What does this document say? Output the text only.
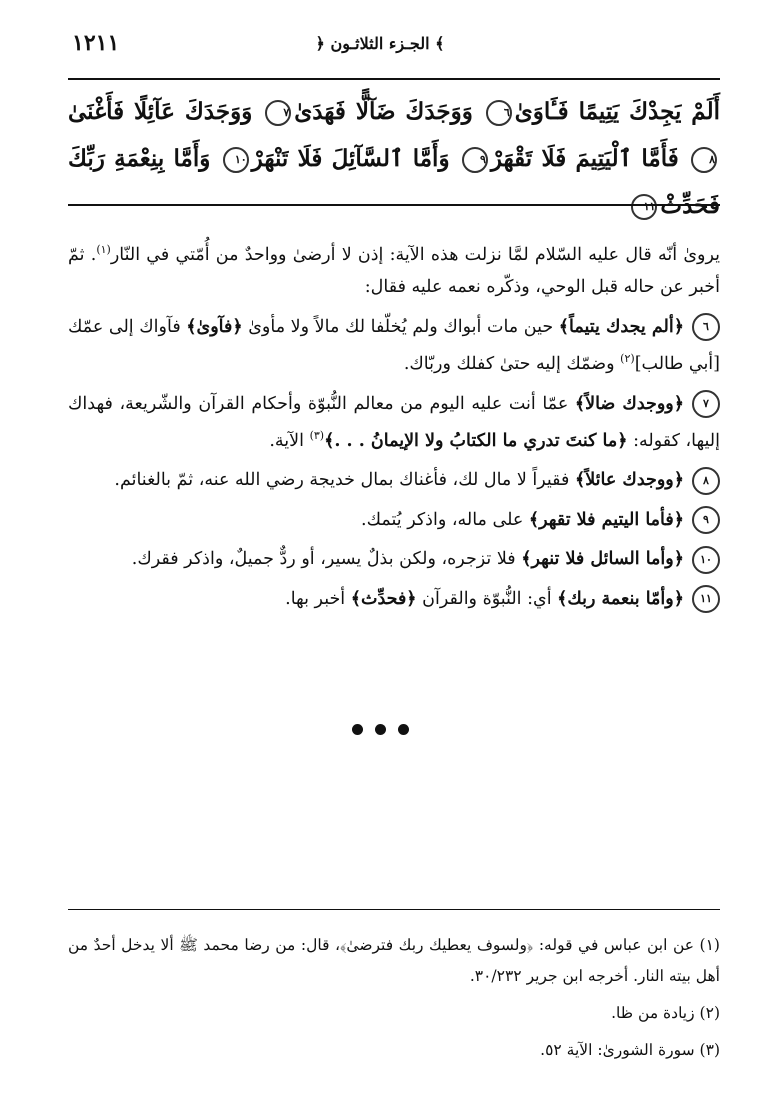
١٢١١	﴿ الجـزء الثلاثـون ﴾
أَلَمْ يَجِدْكَ يَتِيمًا فَـَٔاوَىٰ٦ وَوَجَدَكَ ضَآلًّا فَهَدَىٰ٧ وَوَجَدَكَ عَآئِلًا فَأَغْنَىٰ٨ فَأَمَّا ٱلْيَتِيمَ فَلَا تَقْهَرْ٩ وَأَمَّا ٱلسَّآئِلَ فَلَا تَنْهَرْ١٠ وَأَمَّا بِنِعْمَةِ رَبِّكَ فَحَدِّثْ١١

يرویٰ أنّه قال عليه السّلام لمَّا نزلت هذه الآية: إذن لا أرضیٰ وواحدٌ من أُمّتي في النّار$^{(١)}$. ثمّ أخبر عن حاله قبل الوحي، وذكّره نعمه عليه فقال:

٦﴿ألم يجدك يتيماً﴾ حين مات أبواك ولم يُخلّفا لك مالاً ولا مأویٰ ﴿فآویٰ﴾ فآواك إلى عمّك [أبي طالب]$^{(٢)}$ وضمّك إليه حتىٰ كفلك وربّاك.

٧﴿ووجدك ضالاً﴾ عمّا أنت عليه اليوم من معالم النُّبوّة وأحكام القرآن والشّريعة، فهداك إليها، كقوله: ﴿ما كنتَ تدري ما الكتابُ ولا الإيمانُ . . .﴾$^{(٣)}$ الآية.

٨﴿ووجدك عائلاً﴾ فقيراً لا مال لك، فأغناك بمال خديجة رضي الله عنه، ثمّ بالغنائم.

٩﴿فأما اليتيم فلا تقهر﴾ على ماله، واذكر يُتمك.

١٠﴿وأما السائل فلا تنهر﴾ فلا تزجره، ولكن بذلٌ يسير، أو ردٌّ جميلٌ، واذكر فقرك.

١١﴿وأمّا بنعمة ربك﴾ أي: النُّبوّة والقرآن ﴿فحدِّث﴾ أخبر بها.

(١) عن ابن عباس في قوله: ﴿ولسوف يعطيك ربك فترضیٰ﴾، قال: من رضا محمد ﷺ ألا يدخل أحدٌ من أهل بيته النار. أخرجه ابن جرير ٣٠/٢٣٢.

(٢) زيادة من ظا.

(٣) سورة الشوریٰ: الآية ٥٢.
